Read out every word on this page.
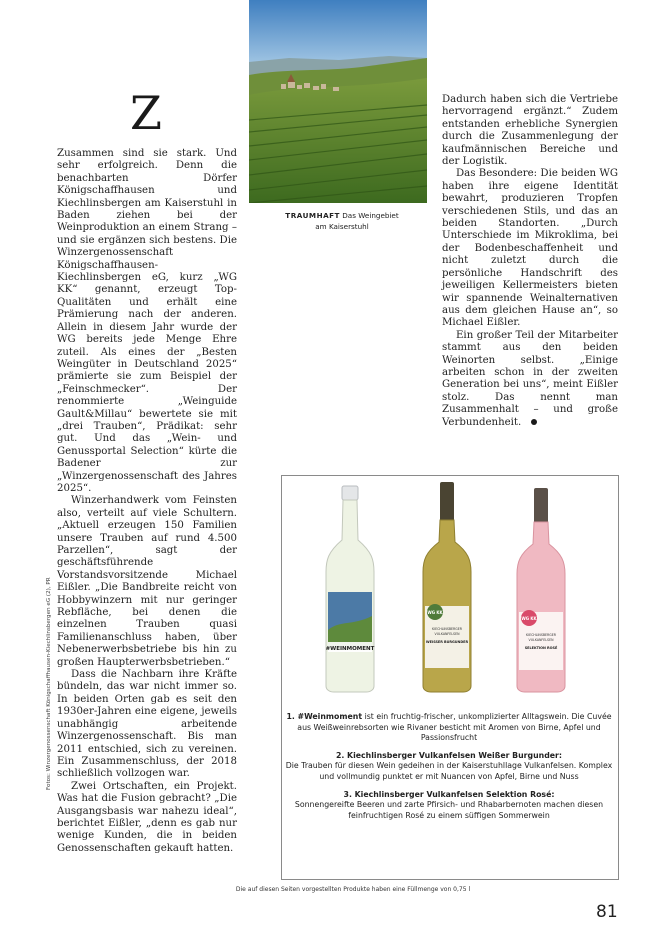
TRAUMHAFT Das Weingebiet
am Kaiserstuhl
Z

Zusammen sind sie stark. Und sehr erfolgreich. Denn die benachbarten Dörfer Königschaffhausen und Kiechlinsbergen am Kaiserstuhl in Baden ziehen bei der Weinproduktion an einem Strang – und sie ergänzen sich bestens. Die Winzergenossenschaft Königschaffhausen-Kiechlinsbergen eG, kurz „WG KK“ genannt, erzeugt Top-Qualitäten und erhält eine Prämierung nach der anderen. Allein in diesem Jahr wurde der WG bereits jede Menge Ehre zuteil. Als eines der „Besten Weingüter in Deutschland 2025“ prämierte sie zum Beispiel der „Feinschmecker“. Der renommierte „Weinguide Gault&Millau“ bewertete sie mit „drei Trauben“, Prädikat: sehr gut. Und das „Wein- und Genussportal Selection“ kürte die Badener zur „Winzergenossenschaft des Jahres 2025“.

Winzerhandwerk vom Feinsten also, verteilt auf viele Schultern. „Aktuell erzeugen 150 Familien unsere Trauben auf rund 4.500 Parzellen“, sagt der geschäftsführende Vorstandsvorsitzende Michael Eißler. „Die Bandbreite reicht von Hobbywinzern mit nur geringer Rebfläche, bei denen die einzelnen Trauben quasi Familienanschluss haben, über Nebenerwerbsbetriebe bis hin zu großen Haupterwerbsbetrieben.“

Dass die Nachbarn ihre Kräfte bündeln, das war nicht immer so. In beiden Orten gab es seit den 1930er-Jahren eine eigene, jeweils unabhängig arbeitende Winzergenossenschaft. Bis man 2011 entschied, sich zu vereinen. Ein Zusammenschluss, der 2018 schließlich vollzogen war.

Zwei Ortschaften, ein Projekt. Was hat die Fusion gebracht? „Die Ausgangsbasis war nahezu ideal“, berichtet Eißler, „denn es gab nur wenige Kunden, die in beiden Genossenschaften gekauft hatten.

Dadurch haben sich die Vertriebe hervorragend ergänzt.“ Zudem entstanden erhebliche Synergien durch die Zusammenlegung der kaufmännischen Bereiche und der Logistik.

Das Besondere: Die beiden WG haben ihre eigene Identität bewahrt, produzieren Tropfen verschiedenen Stils, und das an beiden Standorten. „Durch Unterschiede im Mikroklima, bei der Bodenbeschaffenheit und nicht zuletzt durch die persönliche Handschrift des jeweiligen Kellermeisters bieten wir spannende Weinalternativen aus dem gleichen Hause an“, so Michael Eißler.

Ein großer Teil der Mitarbeiter stammt aus den beiden Weinorten selbst. „Einige arbeiten schon in der zweiten Generation bei uns“, meint Eißler stolz. Das nennt man Zusammenhalt – und große Verbundenheit.

#WEINMOMENT
WG KK
KIECHLINSBERGER
VULKANFELSEN
WEISSER BURGUNDER
WG KK
KIECHLINSBERGER
VULKANFELSEN
SELEKTION ROSÉ

1. #Weinmoment ist ein fruchtig-frischer, unkomplizierter Alltagswein. Die Cuvée aus Weißweinrebsorten wie Rivaner besticht mit Aromen von Birne, Apfel und Passionsfrucht

2. Kiechlinsberger Vulkanfelsen Weißer Burgunder:
Die Trauben für diesen Wein gedeihen in der Kaiserstuhllage Vulkanfelsen. Komplex und vollmundig punktet er mit Nuancen von Apfel, Birne und Nuss

3. Kiechlinsberger Vulkanfelsen Selektion Rosé:
Sonnengereifte Beeren und zarte Pfirsich- und Rhabarbernoten machen diesen feinfruchtigen Rosé zu einem süffigen Sommerwein

Fotos: Winzergenossenschaft Königschaffhausen-Kiechlinsbergen eG (2), PR
Die auf diesen Seiten vorgestellten Produkte haben eine Füllmenge von 0,75 l
81
